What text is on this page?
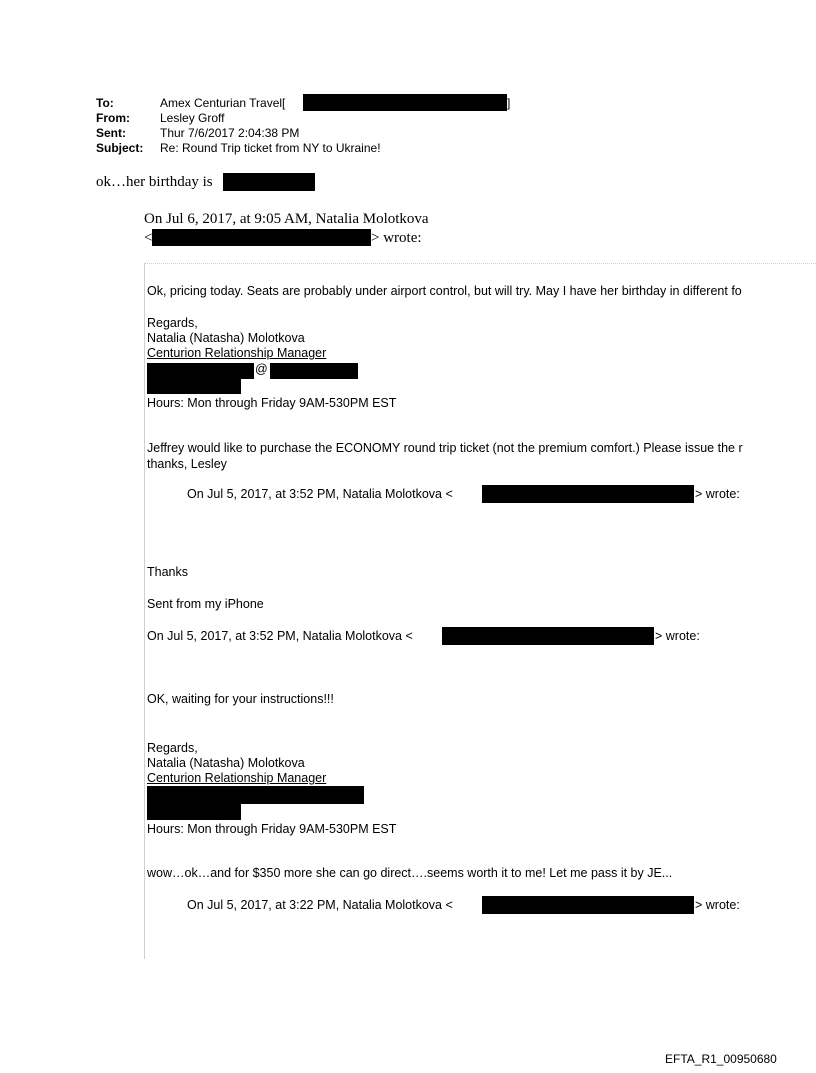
To:	Amex Centurian Travel[	]
From:	Lesley Groff
Sent:	Thur 7/6/2017 2:04:38 PM
Subject: Re: Round Trip ticket from NY to Ukraine!
ok…her birthday is
On Jul 6, 2017, at 9:05 AM, Natalia Molotkova
<	> wrote:
Ok, pricing today. Seats are probably under airport control, but will try. May I have her birthday in different fo
Regards,
Natalia (Natasha) Molotkova
Centurion Relationship Manager
@
Hours: Mon through Friday 9AM-530PM EST
Jeffrey would like to purchase the ECONOMY round trip ticket (not the premium comfort.) Please issue the r
thanks, Lesley
On Jul 5, 2017, at 3:52 PM, Natalia Molotkova <	> wrote:
Thanks
Sent from my iPhone
On Jul 5, 2017, at 3:52 PM, Natalia Molotkova <	> wrote:
OK, waiting for your instructions!!!
Regards,
Natalia (Natasha) Molotkova
Centurion Relationship Manager
Hours: Mon through Friday 9AM-530PM EST
wow…ok…and for $350 more she can go direct….seems worth it to me! Let me pass it by JE...
On Jul 5, 2017, at 3:22 PM, Natalia Molotkova <	> wrote:
EFTA_R1_00950680
